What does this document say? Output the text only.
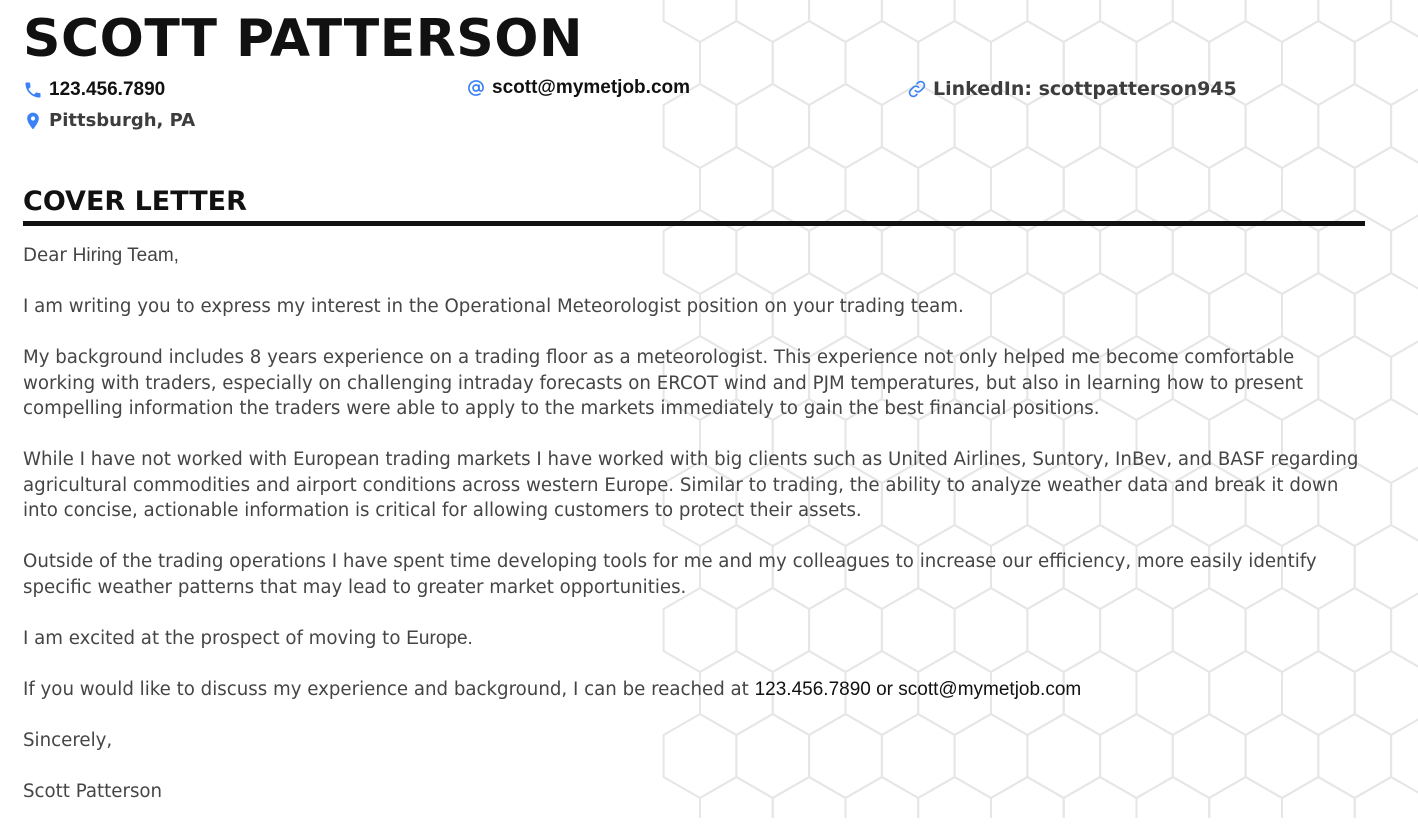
SCOTT PATTERSON
123.456.7890	scott@mymetjob.com	LinkedIn: scottpatterson945
Pittsburgh, PA
COVER LETTER

Dear Hiring Team,

I am writing you to express my interest in the Operational Meteorologist position on your trading team.

My background includes 8 years experience on a trading floor as a meteorologist. This experience not only helped me become comfortable working with traders, especially on challenging intraday forecasts on ERCOT wind and PJM temperatures, but also in learning how to present compelling information the traders were able to apply to the markets immediately to gain the best financial positions.

While I have not worked with European trading markets I have worked with big clients such as United Airlines, Suntory, InBev, and BASF regarding agricultural commodities and airport conditions across western Europe. Similar to trading, the ability to analyze weather data and break it down into concise, actionable information is critical for allowing customers to protect their assets.

Outside of the trading operations I have spent time developing tools for me and my colleagues to increase our efficiency, more easily identify specific weather patterns that may lead to greater market opportunities.

I am excited at the prospect of moving to Europe.

If you would like to discuss my experience and background, I can be reached at 123.456.7890 or scott@mymetjob.com

Sincerely,

Scott Patterson
